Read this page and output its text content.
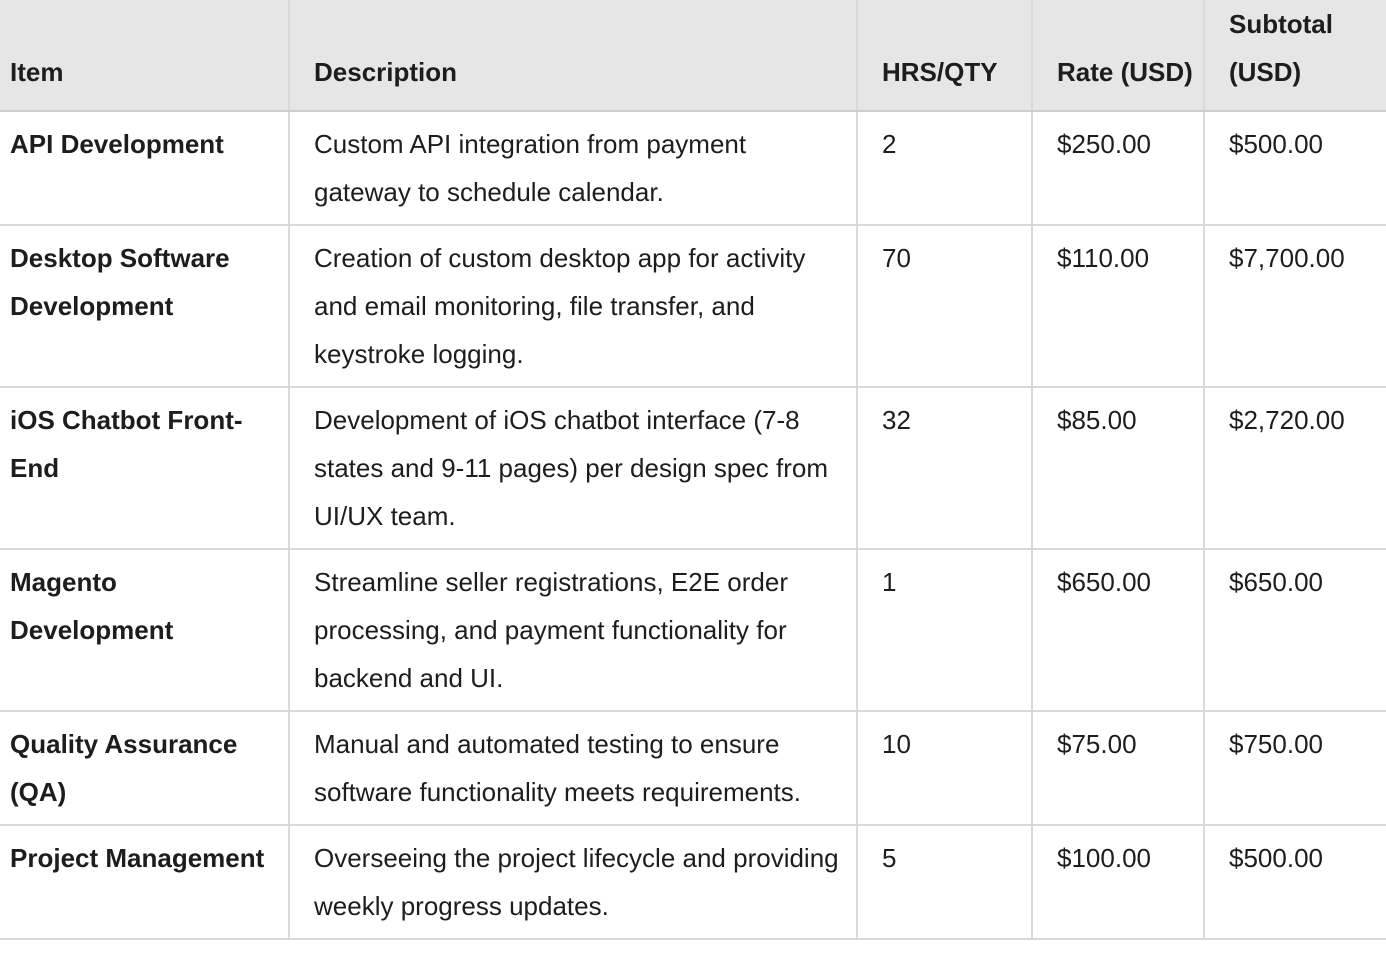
Item	Description	HRS/QTY	Rate (USD)	Subtotal (USD)
API Development	Custom API integration from payment gateway to schedule calendar.	2	$250.00	$500.00
Desktop Software Development	Creation of custom desktop app for activity and email monitoring, file transfer, and keystroke logging.	70	$110.00	$7,700.00
iOS Chatbot Front-End	Development of iOS chatbot interface (7-8 states and 9-11 pages) per design spec from UI/UX team.	32	$85.00	$2,720.00
Magento Development	Streamline seller registrations, E2E order processing, and payment functionality for backend and UI.	1	$650.00	$650.00
Quality Assurance (QA)	Manual and automated testing to ensure software functionality meets requirements.	10	$75.00	$750.00
Project Management	Overseeing the project lifecycle and providing weekly progress updates.	5	$100.00	$500.00
